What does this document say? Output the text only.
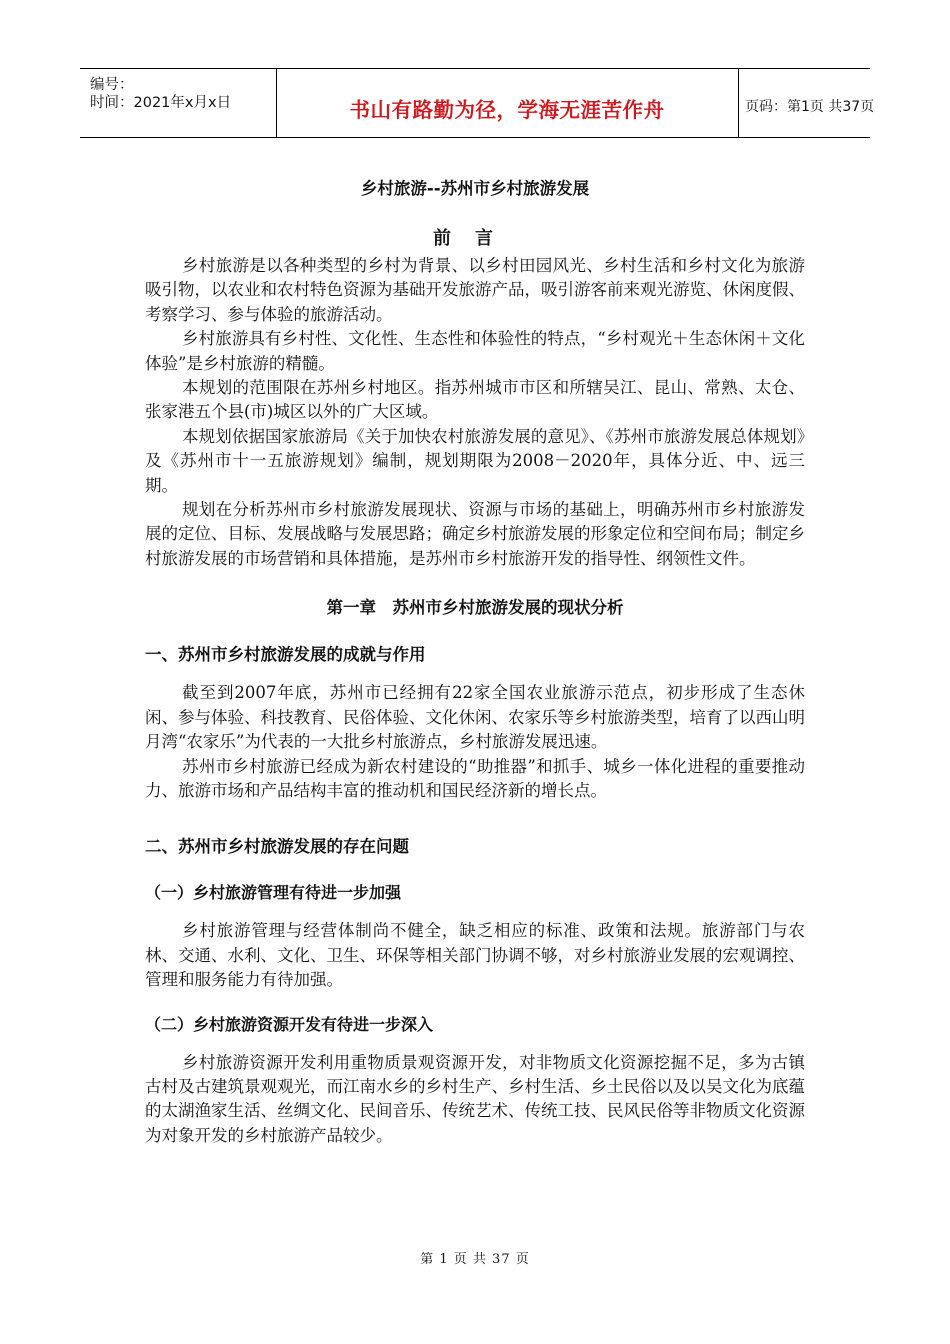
编号：
时间：2021年x月x日	书山有路勤为径，学海无涯苦作舟	页码：第1页 共37页
乡村旅游--苏州市乡村旅游发展
前言

乡村旅游是以各种类型的乡村为背景、以乡村田园风光、乡村生活和乡村文化为旅游吸引物，以农业和农村特色资源为基础开发旅游产品，吸引游客前来观光游览、休闲度假、考察学习、参与体验的旅游活动。

乡村旅游具有乡村性、文化性、生态性和体验性的特点，“乡村观光＋生态休闲＋文化体验”是乡村旅游的精髓。

本规划的范围限在苏州乡村地区。指苏州城市市区和所辖吴江、昆山、常熟、太仓、张家港五个县(市)城区以外的广大区域。

本规划依据国家旅游局《关于加快农村旅游发展的意见》、《苏州市旅游发展总体规划》及《苏州市十一五旅游规划》编制，规划期限为2008－2020年，具体分近、中、远三期。

规划在分析苏州市乡村旅游发展现状、资源与市场的基础上，明确苏州市乡村旅游发展的定位、目标、发展战略与发展思路；确定乡村旅游发展的形象定位和空间布局；制定乡村旅游发展的市场营销和具体措施，是苏州市乡村旅游开发的指导性、纲领性文件。

第一章　苏州市乡村旅游发展的现状分析
一、苏州市乡村旅游发展的成就与作用

截至到2007年底，苏州市已经拥有22家全国农业旅游示范点，初步形成了生态休闲、参与体验、科技教育、民俗体验、文化休闲、农家乐等乡村旅游类型，培育了以西山明月湾“农家乐”为代表的一大批乡村旅游点，乡村旅游发展迅速。

苏州市乡村旅游已经成为新农村建设的“助推器”和抓手、城乡一体化进程的重要推动力、旅游市场和产品结构丰富的推动机和国民经济新的增长点。

二、苏州市乡村旅游发展的存在问题
（一）乡村旅游管理有待进一步加强

乡村旅游管理与经营体制尚不健全，缺乏相应的标准、政策和法规。旅游部门与农林、交通、水利、文化、卫生、环保等相关部门协调不够，对乡村旅游业发展的宏观调控、管理和服务能力有待加强。

（二）乡村旅游资源开发有待进一步深入

乡村旅游资源开发利用重物质景观资源开发，对非物质文化资源挖掘不足，多为古镇古村及古建筑景观观光，而江南水乡的乡村生产、乡村生活、乡土民俗以及以吴文化为底蕴的太湖渔家生活、丝绸文化、民间音乐、传统艺术、传统工技、民风民俗等非物质文化资源为对象开发的乡村旅游产品较少。

第 1 页 共 37 页
